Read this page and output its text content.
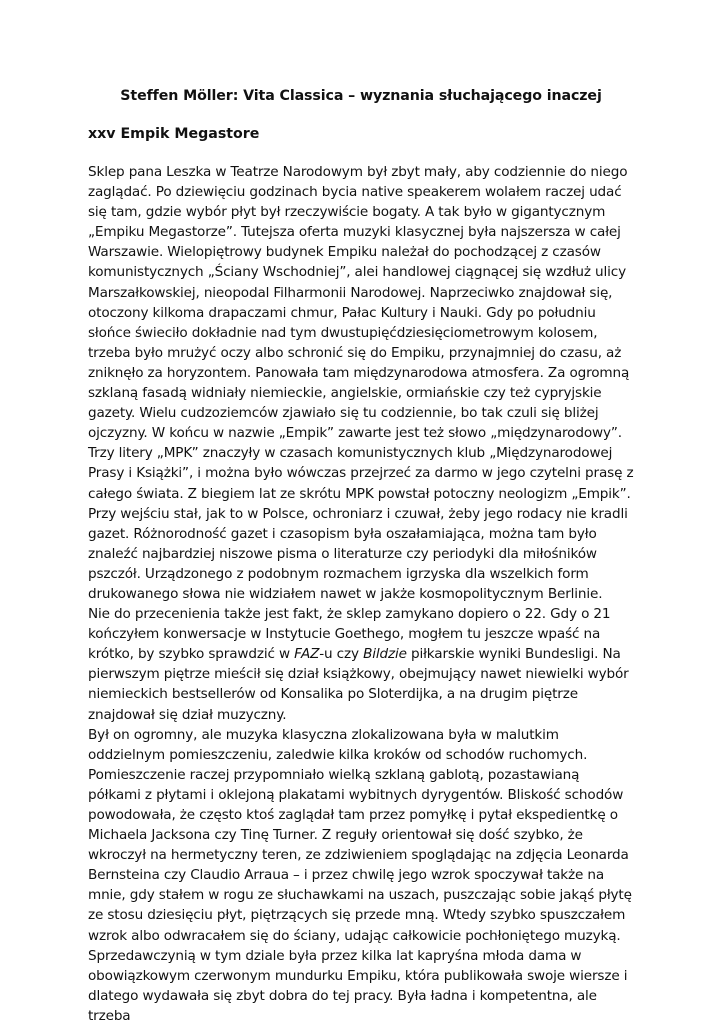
Steffen Möller: Vita Classica – wyznania słuchającego inaczej
xxv Empik Megastore

Sklep pana Leszka w Teatrze Narodowym był zbyt mały, aby codziennie do niego zaglądać. Po dziewięciu godzinach bycia native speakerem wolałem raczej udać się tam, gdzie wybór płyt był rzeczywiście bogaty. A tak było w gigantycznym „Empiku Megastorze”. Tutejsza oferta muzyki klasycznej była najszersza w całej Warszawie. Wielopiętrowy budynek Empiku należał do pochodzącej z czasów komunistycznych „Ściany Wschodniej”, alei handlowej ciągnącej się wzdłuż ulicy Marszałkowskiej, nieopodal Filharmonii Narodowej. Naprzeciwko znajdował się, otoczony kilkoma drapaczami chmur, Pałac Kultury i Nauki. Gdy po południu słońce świeciło dokładnie nad tym dwustupięćdziesięciometrowym kolosem, trzeba było mrużyć oczy albo schronić się do Empiku, przynajmniej do czasu, aż zniknęło za horyzontem. Panowała tam międzynarodowa atmosfera. Za ogromną szklaną fasadą widniały niemieckie, angielskie, ormiańskie czy też cypryjskie gazety. Wielu cudzoziemców zjawiało się tu codziennie, bo tak czuli się bliżej ojczyzny. W końcu w nazwie „Empik” zawarte jest też słowo „międzynarodowy”. Trzy litery „MPK” znaczyły w czasach komunistycznych klub „Międzynarodowej Prasy i Książki”, i można było wówczas przejrzeć za darmo w jego czytelni prasę z całego świata. Z biegiem lat ze skrótu MPK powstał potoczny neologizm „Empik”.

Przy wejściu stał, jak to w Polsce, ochroniarz i czuwał, żeby jego rodacy nie kradli gazet. Różnorodność gazet i czasopism była oszałamiająca, można tam było znaleźć najbardziej niszowe pisma o literaturze czy periodyki dla miłośników pszczół. Urządzonego z podobnym rozmachem igrzyska dla wszelkich form drukowanego słowa nie widziałem nawet w jakże kosmopolitycznym Berlinie.

Nie do przecenienia także jest fakt, że sklep zamykano dopiero o 22. Gdy o 21 kończyłem konwersacje w Instytucie Goethego, mogłem tu jeszcze wpaść na krótko, by szybko sprawdzić w FAZ-u czy Bildzie piłkarskie wyniki Bundesligi. Na pierwszym piętrze mieścił się dział książkowy, obejmujący nawet niewielki wybór niemieckich bestsellerów od Konsalika po Sloterdijka, a na drugim piętrze znajdował się dział muzyczny.

Był on ogromny, ale muzyka klasyczna zlokalizowana była w malutkim oddzielnym pomieszczeniu, zaledwie kilka kroków od schodów ruchomych. Pomieszczenie raczej przypomniało wielką szklaną gablotą, pozastawianą półkami z płytami i oklejoną plakatami wybitnych dyrygentów. Bliskość schodów powodowała, że często ktoś zaglądał tam przez pomyłkę i pytał ekspedientkę o Michaela Jacksona czy Tinę Turner. Z reguły orientował się dość szybko, że wkroczył na hermetyczny teren, ze zdziwieniem spoglądając na zdjęcia Leonarda Bernsteina czy Claudio Arraua – i przez chwilę jego wzrok spoczywał także na mnie, gdy stałem w rogu ze słuchawkami na uszach, puszczając sobie jakąś płytę ze stosu dziesięciu płyt, piętrzących się przede mną. Wtedy szybko spuszczałem wzrok albo odwracałem się do ściany, udając całkowicie pochłoniętego muzyką.

Sprzedawczynią w tym dziale była przez kilka lat kapryśna młoda dama w obowiązkowym czerwonym mundurku Empiku, która publikowała swoje wiersze i dlatego wydawała się zbyt dobra do tej pracy. Była ładna i kompetentna, ale trzeba
